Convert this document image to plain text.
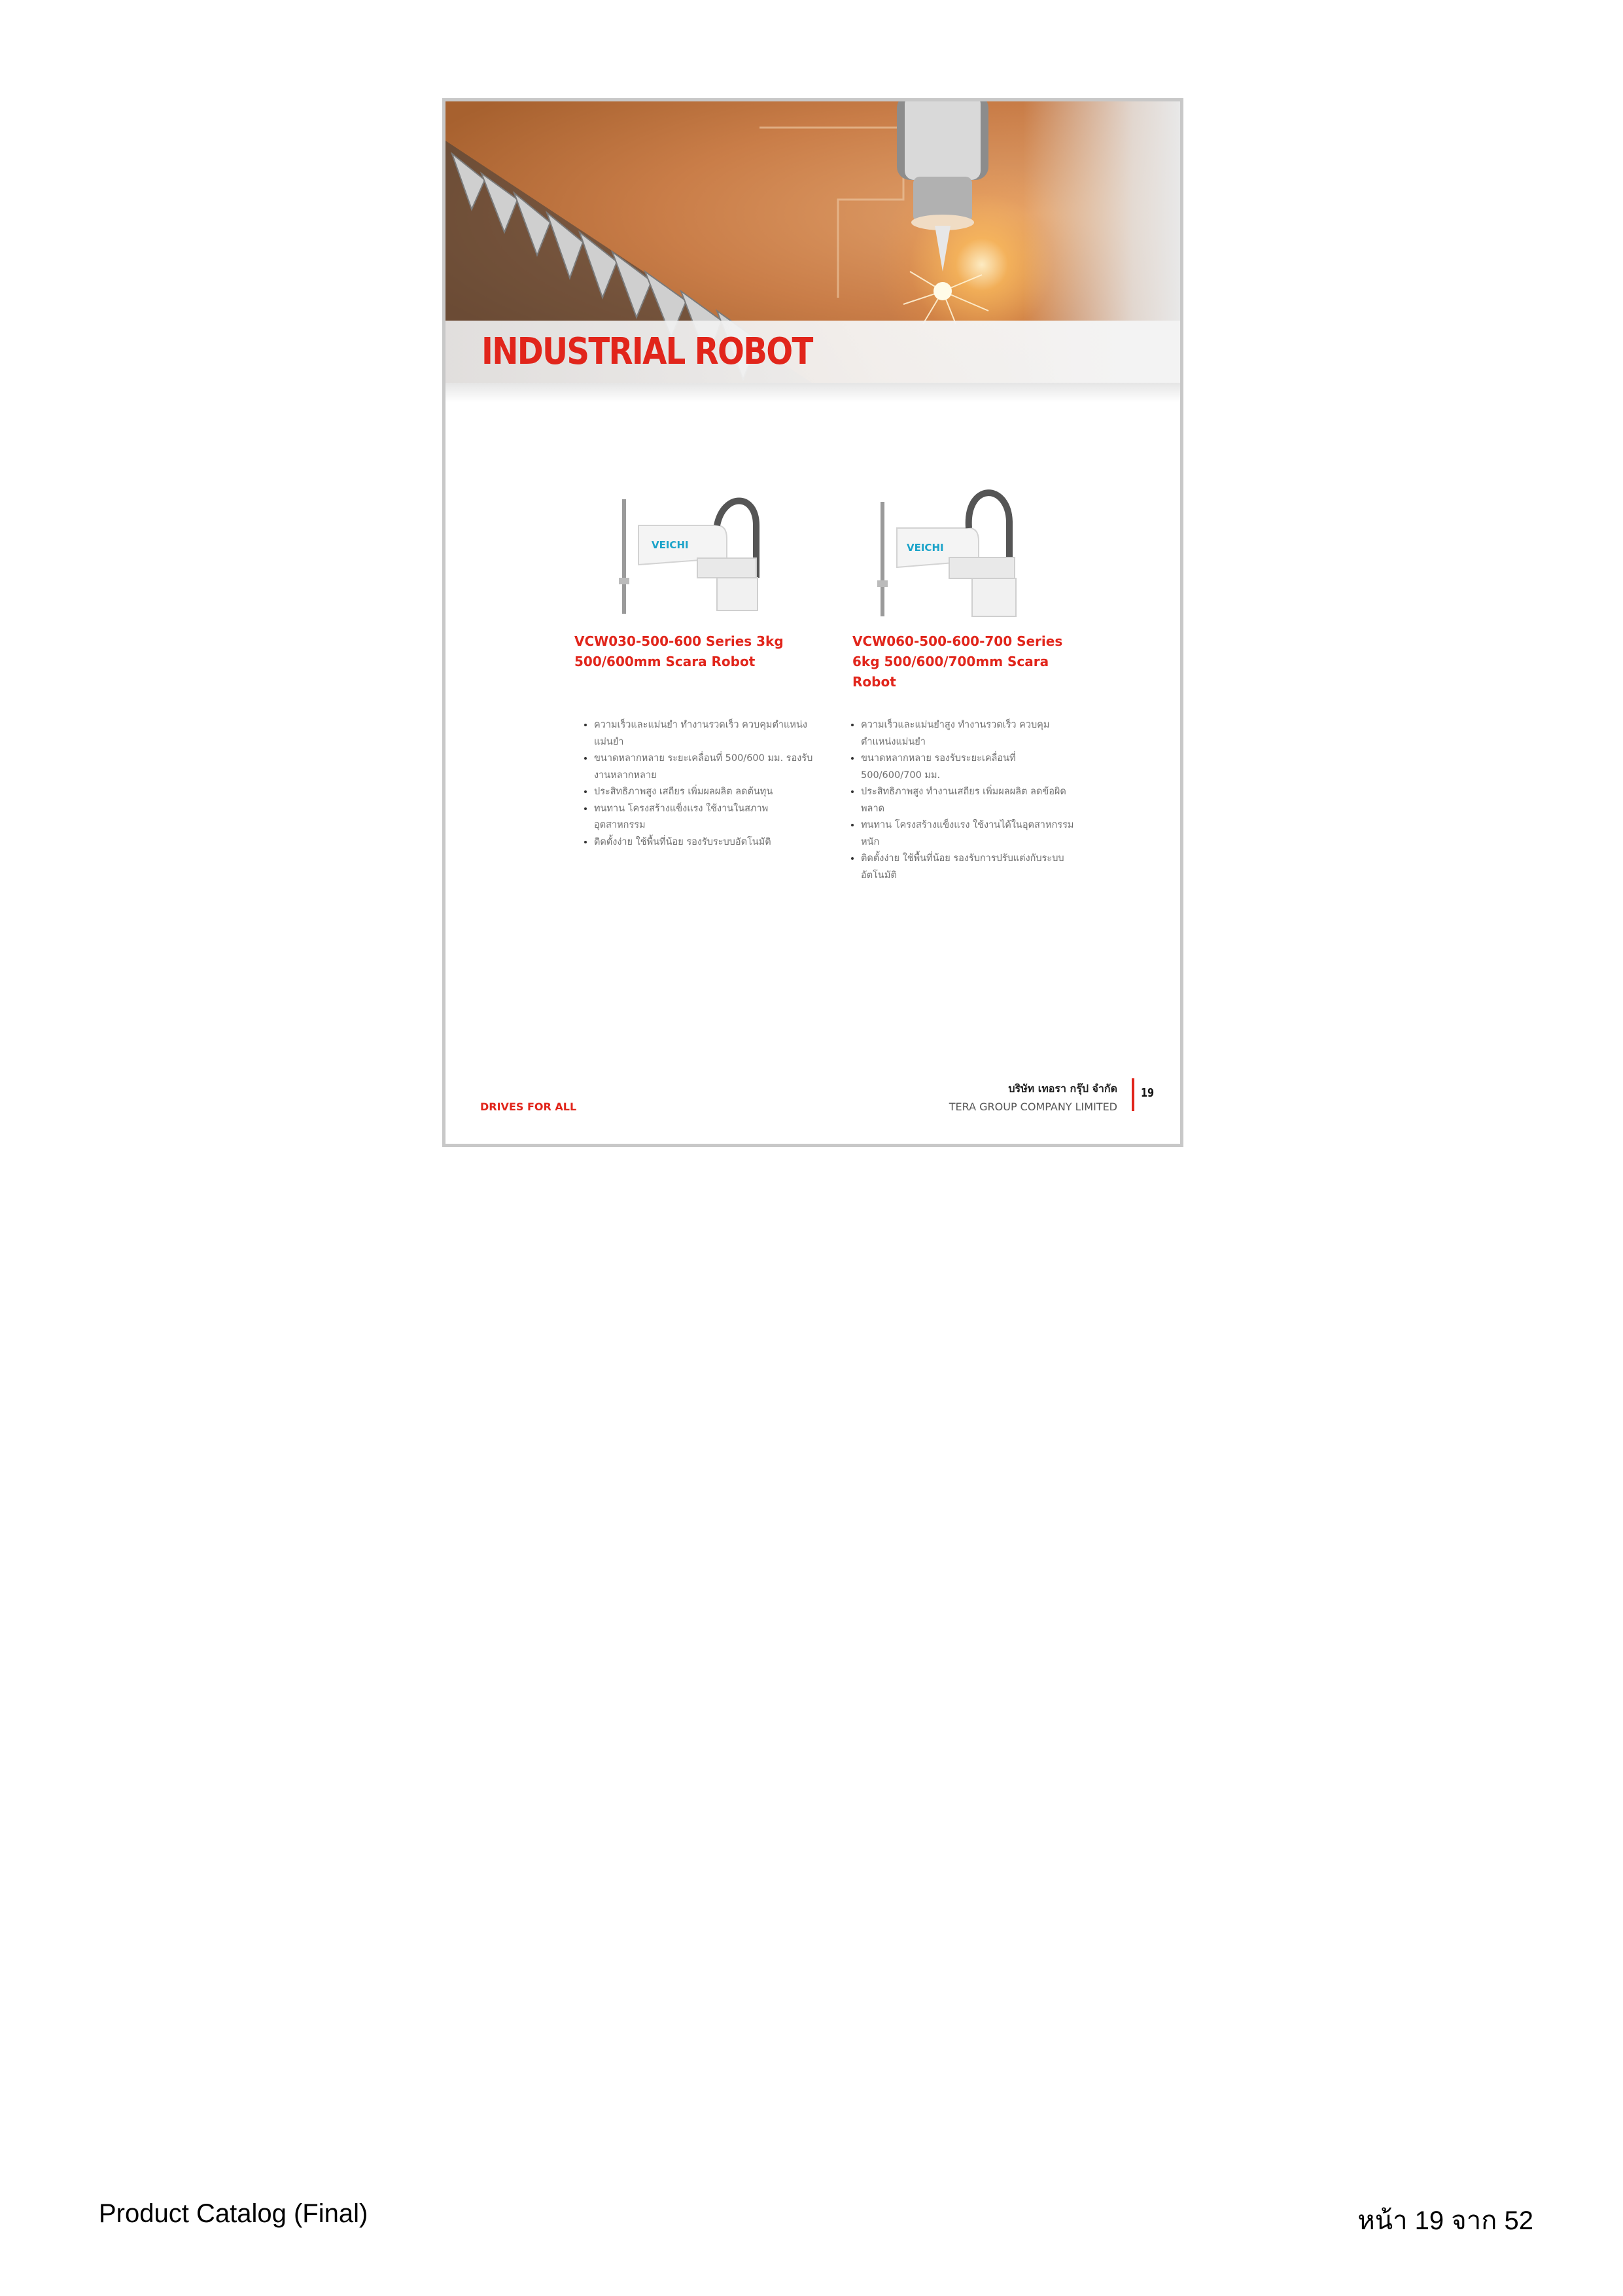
INDUSTRIAL ROBOT
VEICHI
VCW030-500-600 Series 3kg 500/600mm Scara Robot
• ความเร็วและแม่นยำ ทำงานรวดเร็ว ควบคุมตำแหน่งแม่นยำ
• ขนาดหลากหลาย ระยะเคลื่อนที่ 500/600 มม. รองรับงานหลากหลาย
• ประสิทธิภาพสูง เสถียร เพิ่มผลผลิต ลดต้นทุน
• ทนทาน โครงสร้างแข็งแรง ใช้งานในสภาพอุตสาหกรรม
• ติดตั้งง่าย ใช้พื้นที่น้อย รองรับระบบอัตโนมัติ
VEICHI
VCW060-500-600-700 Series 6kg 500/600/700mm Scara Robot
• ความเร็วและแม่นยำสูง ทำงานรวดเร็ว ควบคุมตำแหน่งแม่นยำ
• ขนาดหลากหลาย รองรับระยะเคลื่อนที่ 500/600/700 มม.
• ประสิทธิภาพสูง ทำงานเสถียร เพิ่มผลผลิต ลดข้อผิดพลาด
• ทนทาน โครงสร้างแข็งแรง ใช้งานได้ในอุตสาหกรรมหนัก
• ติดตั้งง่าย ใช้พื้นที่น้อย รองรับการปรับแต่งกับระบบอัตโนมัติ
DRIVES FOR ALL
บริษัท เทอรา กรุ๊ป จำกัด
TERA GROUP COMPANY LIMITED
19
Product Catalog (Final)	หน้า 19 จาก 52
